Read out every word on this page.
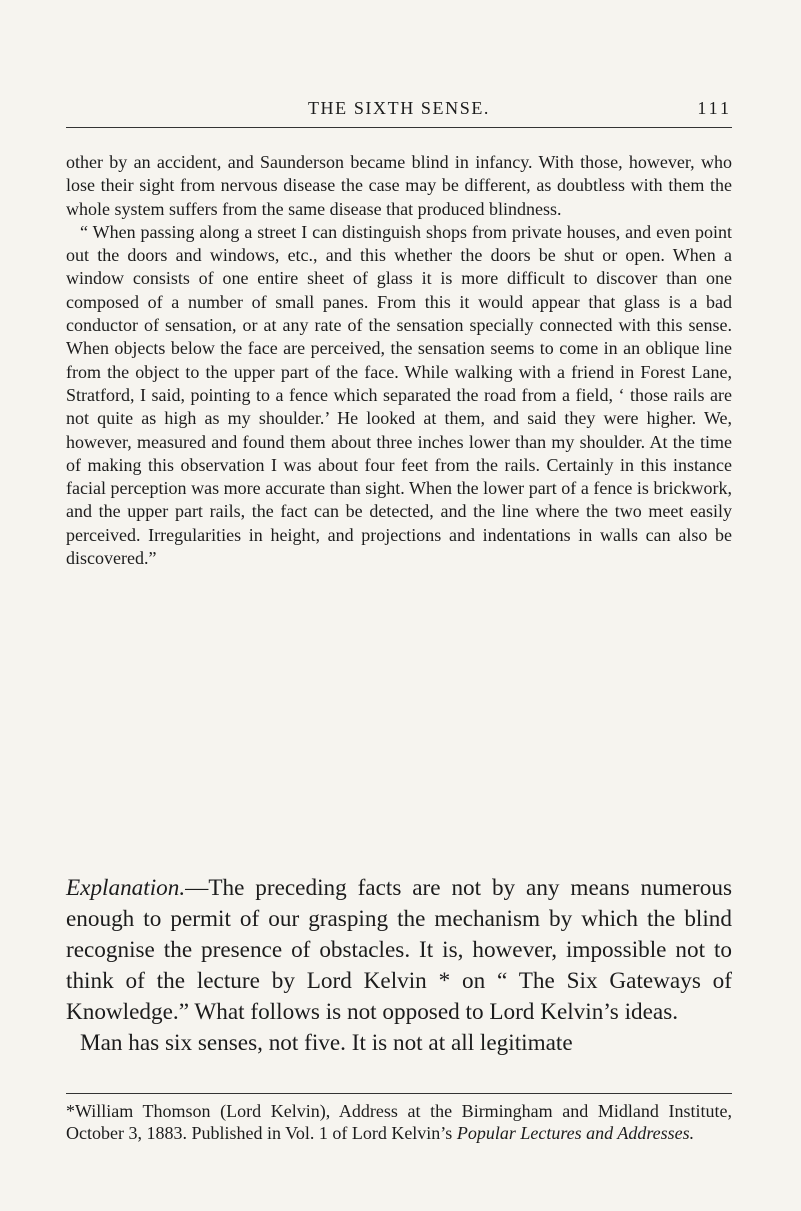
THE SIXTH SENSE.	111

other by an accident, and Saunderson became blind in infancy. With those, however, who lose their sight from nervous disease the case may be different, as doubtless with them the whole system suffers from the same disease that produced blindness.

“ When passing along a street I can distinguish shops from private houses, and even point out the doors and windows, etc., and this whether the doors be shut or open. When a window consists of one entire sheet of glass it is more difficult to discover than one composed of a number of small panes. From this it would appear that glass is a bad conductor of sensation, or at any rate of the sensation specially connected with this sense. When objects below the face are perceived, the sensation seems to come in an oblique line from the object to the upper part of the face. While walking with a friend in Forest Lane, Stratford, I said, pointing to a fence which separated the road from a field, ‘ those rails are not quite as high as my shoulder.’ He looked at them, and said they were higher. We, however, measured and found them about three inches lower than my shoulder. At the time of making this observation I was about four feet from the rails. Certainly in this instance facial perception was more accurate than sight. When the lower part of a fence is brickwork, and the upper part rails, the fact can be detected, and the line where the two meet easily perceived. Irregularities in height, and projections and indentations in walls can also be discovered.”

Explanation.—The preceding facts are not by any means numerous enough to permit of our grasping the mechanism by which the blind recognise the presence of obstacles. It is, however, impossible not to think of the lecture by Lord Kelvin * on “ The Six Gateways of Knowledge.” What follows is not opposed to Lord Kelvin’s ideas.

Man has six senses, not five. It is not at all legitimate

*William Thomson (Lord Kelvin), Address at the Birmingham and Midland Institute, October 3, 1883. Published in Vol. 1 of Lord Kelvin’s Popular Lectures and Addresses.
